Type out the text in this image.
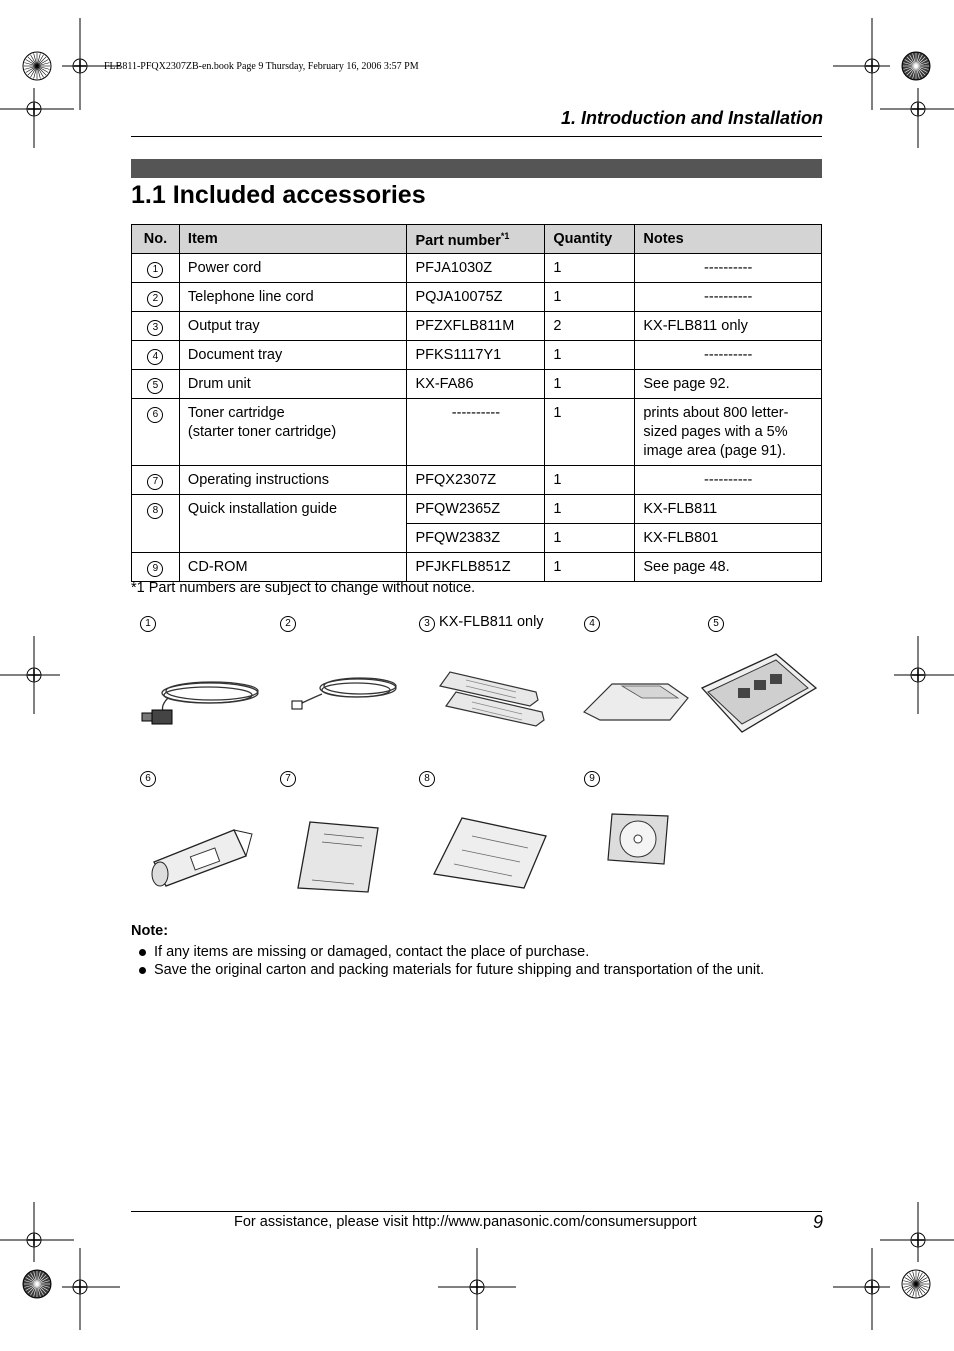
FLB811-PFQX2307ZB-en.book Page 9 Thursday, February 16, 2006 3:57 PM
1. Introduction and Installation
1.1 Included accessories
No.	Item	Part number$^{*1}$	Quantity	Notes
1	Power cord	PFJA1030Z	1	----------
2	Telephone line cord	PQJA10075Z	1	----------
3	Output tray	PFZXFLB811M	2	KX-FLB811 only
4	Document tray	PFKS1117Y1	1	----------
5	Drum unit	KX-FA86	1	See page 92.
6	Toner cartridge
(starter toner cartridge)	----------	1	prints about 800 letter-sized pages with a 5% image area (page 91).
7	Operating instructions	PFQX2307Z	1	----------
8	Quick installation guide	PFQW2365Z	1	KX-FLB811
		PFQW2383Z	1	KX-FLB801
9	CD-ROM	PFJKFLB851Z	1	See page 48.
*1 Part numbers are subject to change without notice.
1	2	3 KX-FLB811 only	4	5
6	7	8	9
Note:
If any items are missing or damaged, contact the place of purchase.
Save the original carton and packing materials for future shipping and transportation of the unit.
For assistance, please visit http://www.panasonic.com/consumersupport	9
